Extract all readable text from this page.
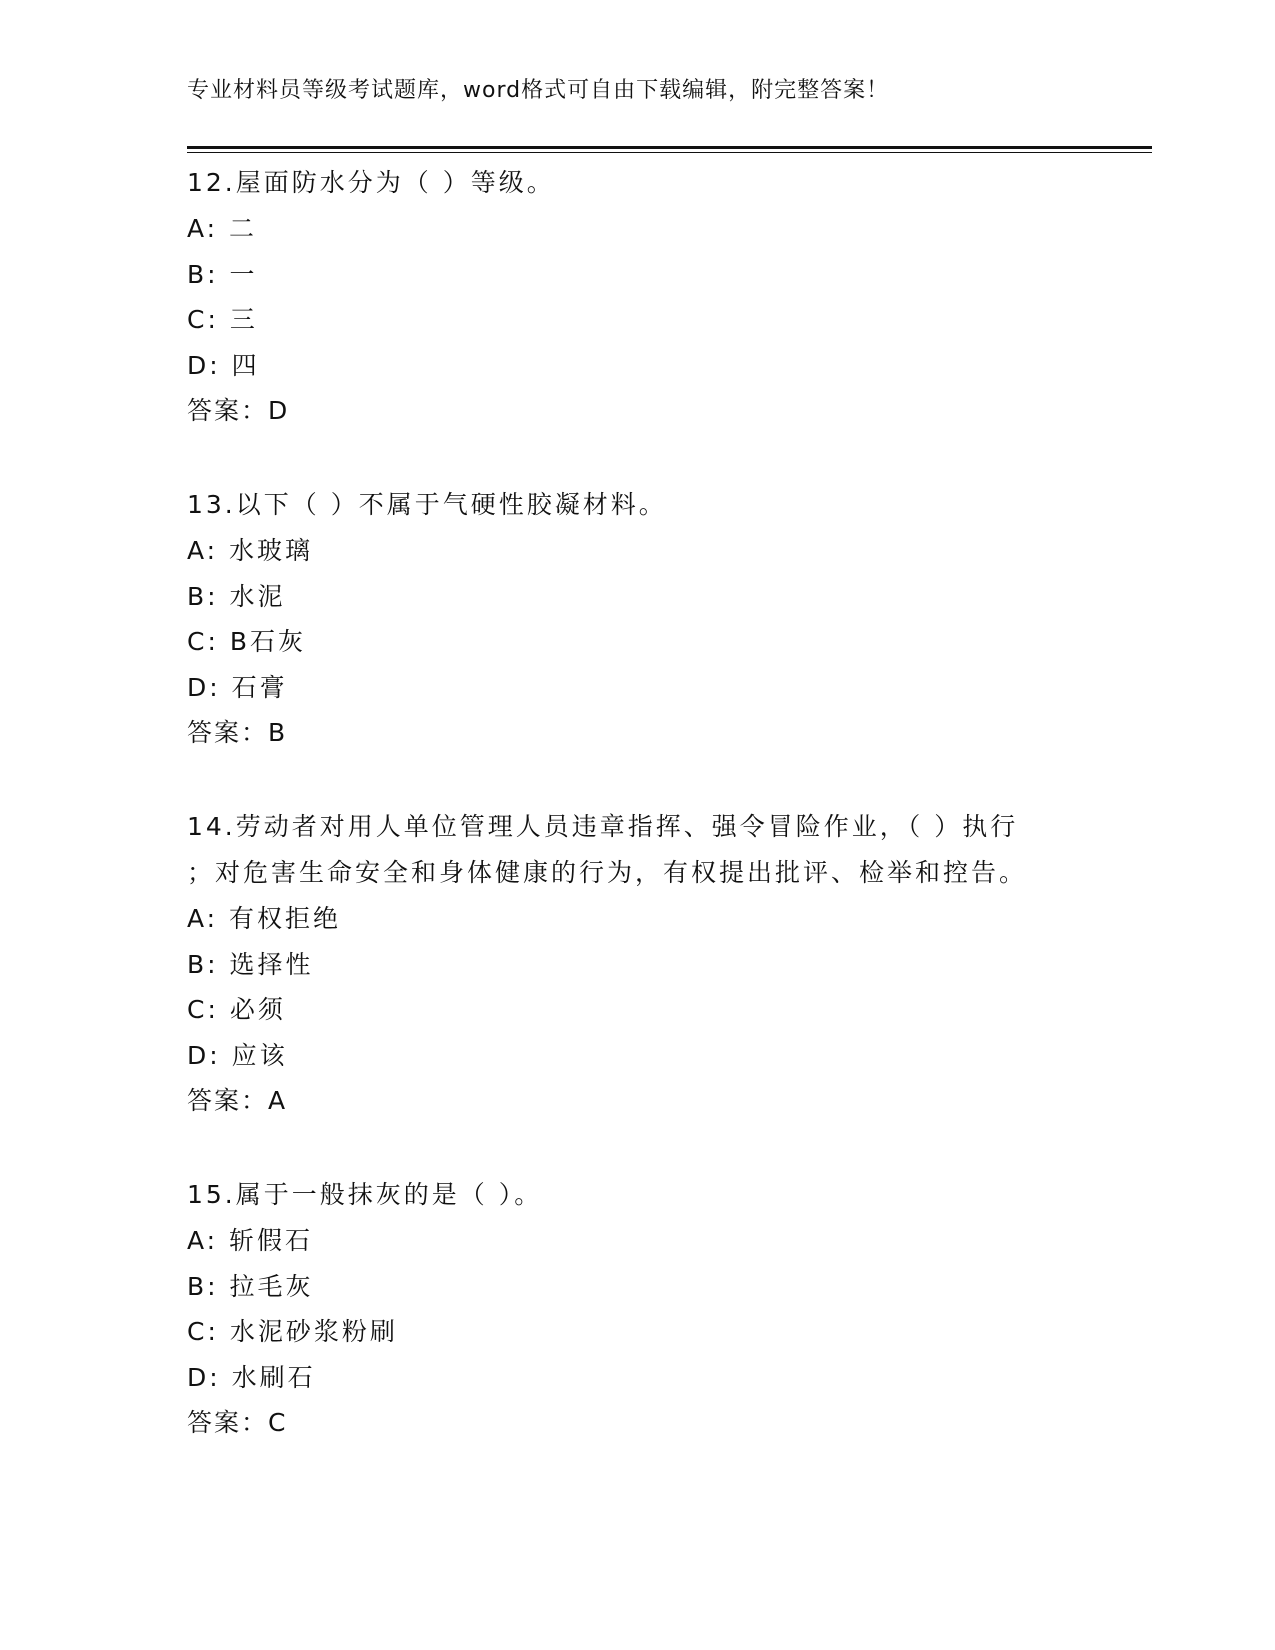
专业材料员等级考试题库，word格式可自由下载编辑，附完整答案！
12.屋面防水分为（ ）等级。
A: 二
B: 一
C: 三
D: 四
答案：D
13.以下（ ）不属于气硬性胶凝材料。
A: 水玻璃
B: 水泥
C: B石灰
D: 石膏
答案：B
14.劳动者对用人单位管理人员违章指挥、强令冒险作业，（ ）执行
；对危害生命安全和身体健康的行为，有权提出批评、检举和控告。
A: 有权拒绝
B: 选择性
C: 必须
D: 应该
答案：A
15.属于一般抹灰的是（ ）。
A: 斩假石
B: 拉毛灰
C: 水泥砂浆粉刷
D: 水刷石
答案：C
